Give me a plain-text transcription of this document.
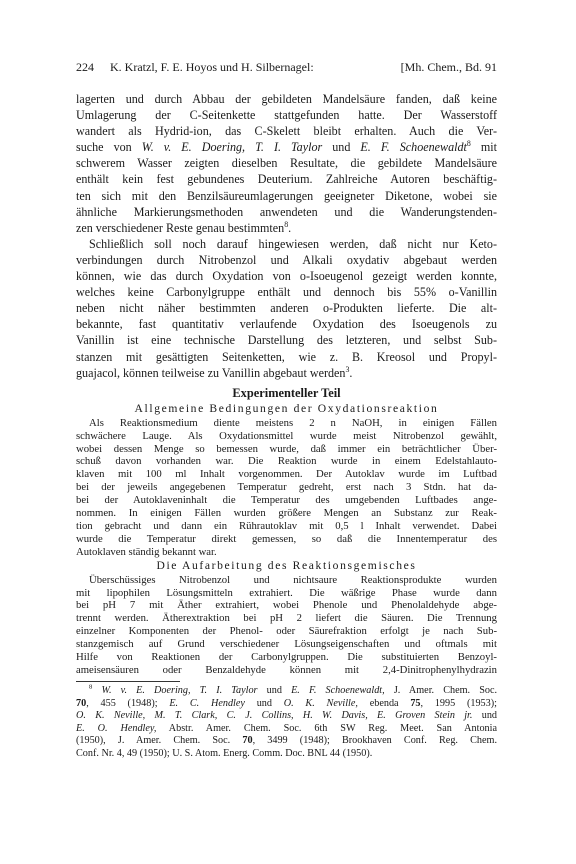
224	K. Kratzl, F. E. Hoyos und H. Silbernagel:	[Mh. Chem., Bd. 91
lagerten und durch Abbau der gebildeten Mandelsäure fanden, daß keine
Umlagerung der C-Seitenkette stattgefunden hatte. Der Wasserstoff
wandert als Hydrid-ion, das C-Skelett bleibt erhalten. Auch die Ver-
suche von W. v. E. Doering, T. I. Taylor und E. F. Schoenewaldt$^8$ mit
schwerem Wasser zeigten dieselben Resultate, die gebildete Mandelsäure
enthält kein fest gebundenes Deuterium. Zahlreiche Autoren beschäftig-
ten sich mit den Benzilsäureumlagerungen geeigneter Diketone, wobei sie
ähnliche Markierungsmethoden anwendeten und die Wanderungstenden-
zen verschiedener Reste genau bestimmten$^8$.
Schließlich soll noch darauf hingewiesen werden, daß nicht nur Keto-
verbindungen durch Nitrobenzol und Alkali oxydativ abgebaut werden
können, wie das durch Oxydation von o-Isoeugenol gezeigt werden konnte,
welches keine Carbonylgruppe enthält und dennoch bis 55% o-Vanillin
neben nicht näher bestimmten anderen o-Produkten lieferte. Die alt-
bekannte, fast quantitativ verlaufende Oxydation des Isoeugenols zu
Vanillin ist eine technische Darstellung des letzteren, und selbst Sub-
stanzen mit gesättigten Seitenketten, wie z. B. Kreosol und Propyl-
guajacol, können teilweise zu Vanillin abgebaut werden$^3$.
Experimenteller Teil
Allgemeine Bedingungen der Oxydationsreaktion
Als Reaktionsmedium diente meistens 2 n NaOH, in einigen Fällen
schwächere Lauge. Als Oxydationsmittel wurde meist Nitrobenzol gewählt,
wobei dessen Menge so bemessen wurde, daß immer ein beträchtlicher Über-
schuß davon vorhanden war. Die Reaktion wurde in einem Edelstahlauto-
klaven mit 100 ml Inhalt vorgenommen. Der Autoklav wurde im Luftbad
bei der jeweils angegebenen Temperatur gedreht, erst nach 3 Stdn. hat da-
bei der Autoklaveninhalt die Temperatur des umgebenden Luftbades ange-
nommen. In einigen Fällen wurden größere Mengen an Substanz zur Reak-
tion gebracht und dann ein Rührautoklav mit 0,5 l Inhalt verwendet. Dabei
wurde die Temperatur direkt gemessen, so daß die Innentemperatur des
Autoklaven ständig bekannt war.
Die Aufarbeitung des Reaktionsgemisches
Überschüssiges Nitrobenzol und nichtsaure Reaktionsprodukte wurden
mit lipophilen Lösungsmitteln extrahiert. Die wäßrige Phase wurde dann
bei pH 7 mit Äther extrahiert, wobei Phenole und Phenolaldehyde abge-
trennt werden. Ätherextraktion bei pH 2 liefert die Säuren. Die Trennung
einzelner Komponenten der Phenol- oder Säurefraktion erfolgt je nach Sub-
stanzgemisch auf Grund verschiedener Lösungseigenschaften und oftmals mit
Hilfe von Reaktionen der Carbonylgruppen. Die substituierten Benzoyl-
ameisensäuren oder Benzaldehyde können mit 2,4-Dinitrophenylhydrazin
$^8$ W. v. E. Doering, T. I. Taylor und E. F. Schoenewaldt, J. Amer. Chem. Soc.
70, 455 (1948); E. C. Hendley und O. K. Neville, ebenda 75, 1995 (1953);
O. K. Neville, M. T. Clark, C. J. Collins, H. W. Davis, E. Groven Stein jr. und
E. O. Hendley, Abstr. Amer. Chem. Soc. 6th SW Reg. Meet. San Antonia
(1950), J. Amer. Chem. Soc. 70, 3499 (1948); Brookhaven Conf. Reg. Chem.
Conf. Nr. 4, 49 (1950); U. S. Atom. Energ. Comm. Doc. BNL 44 (1950).
